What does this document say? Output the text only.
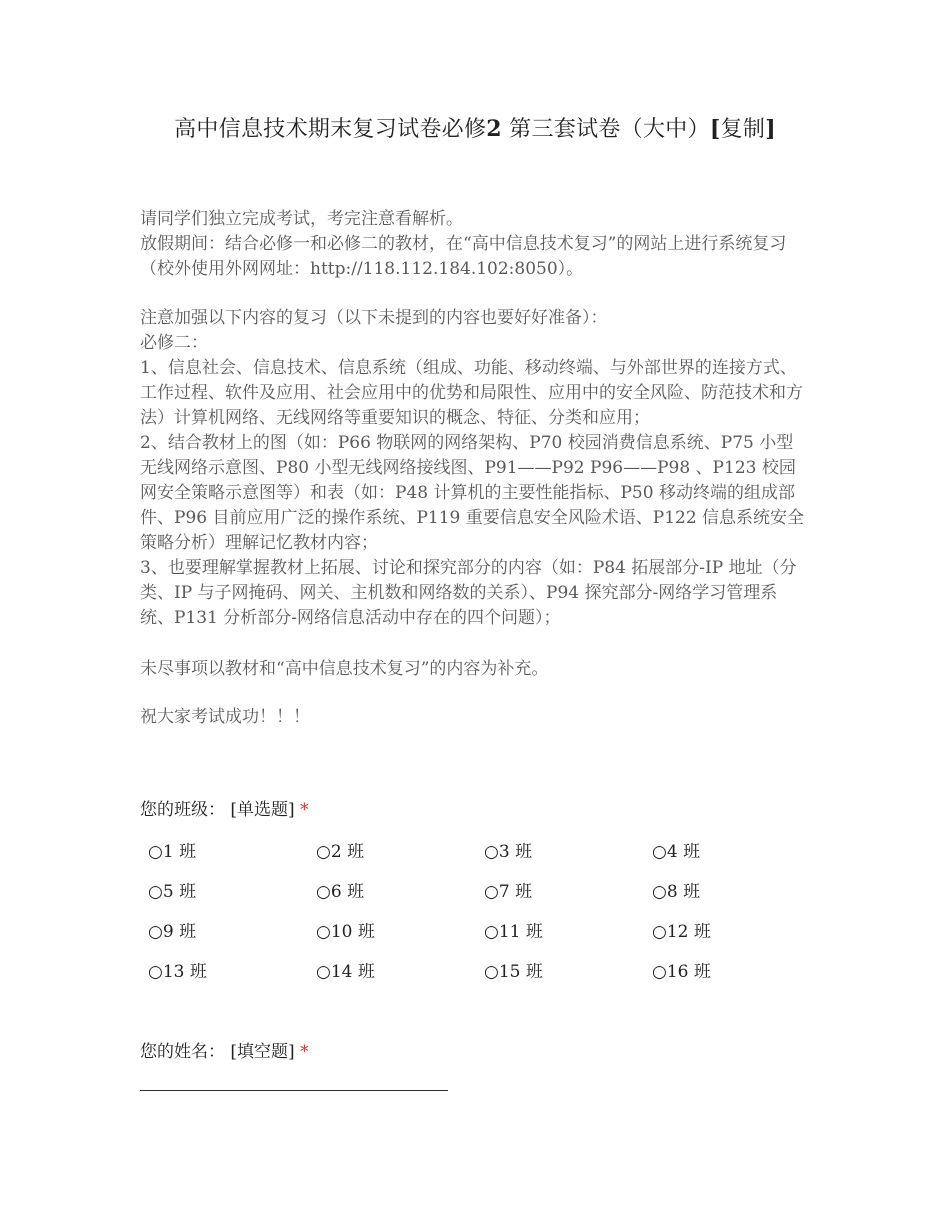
高中信息技术期末复习试卷必修2 第三套试卷（大中）[复制]

请同学们独立完成考试，考完注意看解析。

放假期间：结合必修一和必修二的教材，在“高中信息技术复习”的网站上进行系统复习（校外使用外网网址：http://118.112.184.102:8050）。

注意加强以下内容的复习（以下未提到的内容也要好好准备）：

必修二：

1、信息社会、信息技术、信息系统（组成、功能、移动终端、与外部世界的连接方式、工作过程、软件及应用、社会应用中的优势和局限性、应用中的安全风险、防范技术和方法）计算机网络、无线网络等重要知识的概念、特征、分类和应用；

2、结合教材上的图（如：P66 物联网的网络架构、P70 校园消费信息系统、P75 小型无线网络示意图、P80 小型无线网络接线图、P91——P92 P96——P98 、P123 校园网安全策略示意图等）和表（如：P48 计算机的主要性能指标、P50 移动终端的组成部件、P96 目前应用广泛的操作系统、P119 重要信息安全风险术语、P122 信息系统安全策略分析）理解记忆教材内容；

3、也要理解掌握教材上拓展、讨论和探究部分的内容（如：P84 拓展部分-IP 地址（分类、IP 与子网掩码、网关、主机数和网络数的关系）、P94 探究部分-网络学习管理系统、P131 分析部分-网络信息活动中存在的四个问题）；

未尽事项以教材和“高中信息技术复习”的内容为补充。

祝大家考试成功！！！

您的班级： [单选题] *
○1 班	○2 班	○3 班	○4 班
○5 班	○6 班	○7 班	○8 班
○9 班	○10 班	○11 班	○12 班
○13 班	○14 班	○15 班	○16 班
您的姓名： [填空题] *
